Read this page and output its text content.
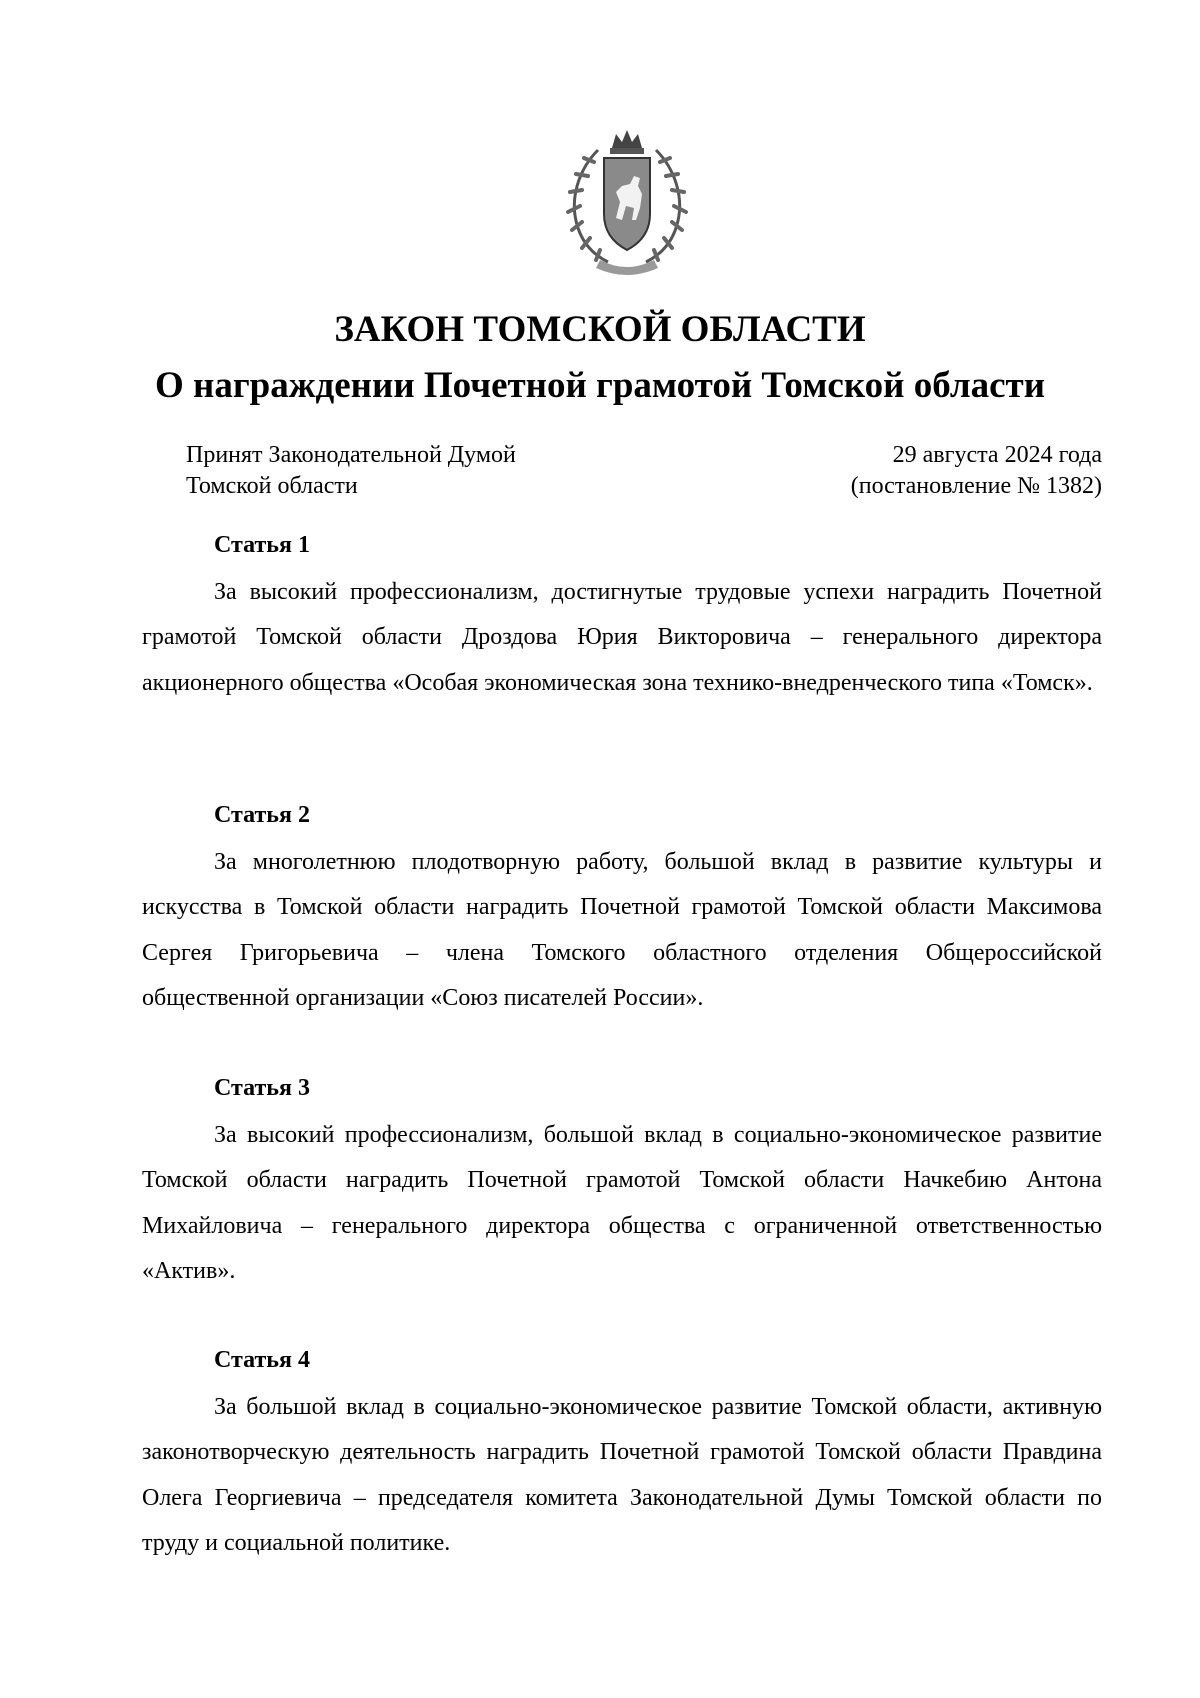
ЗАКОН ТОМСКОЙ ОБЛАСТИ
О награждении Почетной грамотой Томской области
Принят Законодательной Думой
Томской области
29 августа 2024 года
(постановление № 1382)
Статья 1

За высокий профессионализм, достигнутые трудовые успехи наградить Почетной грамотой Томской области Дроздова Юрия Викторовича – генерального директора акционерного общества «Особая экономическая зона технико-внедренческого типа «Томск».

Статья 2

За многолетнюю плодотворную работу, большой вклад в развитие культуры и искусства в Томской области наградить Почетной грамотой Томской области Максимова Сергея Григорьевича – члена Томского областного отделения Общероссийской общественной организации «Союз писателей России».

Статья 3

За высокий профессионализм, большой вклад в социально-экономическое развитие Томской области наградить Почетной грамотой Томской области Начкебию Антона Михайловича – генерального директора общества с ограниченной ответственностью «Актив».

Статья 4

За большой вклад в социально-экономическое развитие Томской области, активную законотворческую деятельность наградить Почетной грамотой Томской области Правдина Олега Георгиевича – председателя комитета Законодательной Думы Томской области по труду и социальной политике.
